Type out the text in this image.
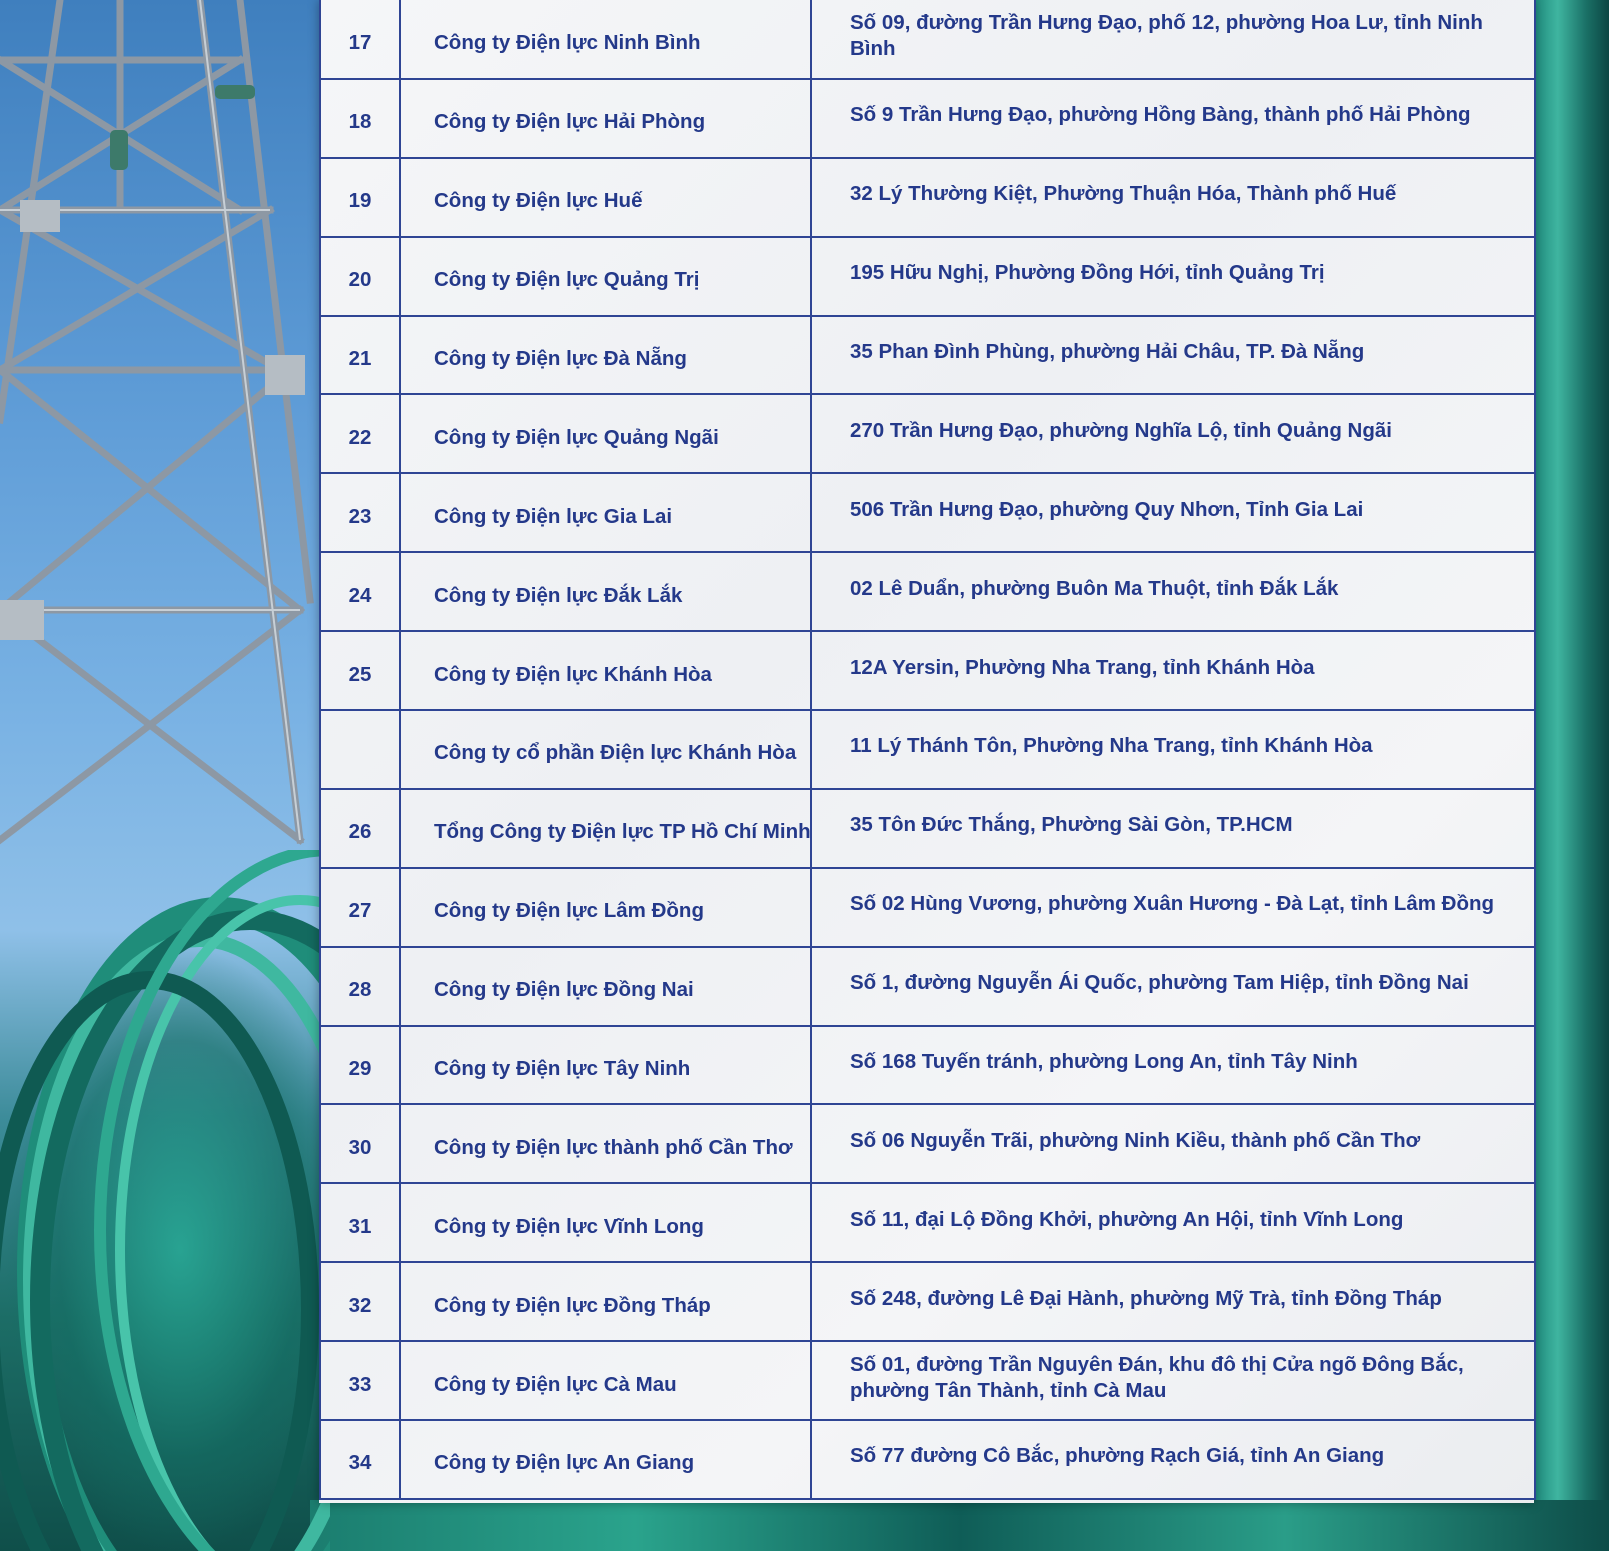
17	Công ty Điện lực Ninh Bình	Số 09, đường Trần Hưng Đạo, phố 12, phường Hoa Lư, tỉnh Ninh Bình
18	Công ty Điện lực Hải Phòng	Số 9 Trần Hưng Đạo, phường Hồng Bàng, thành phố Hải Phòng
19	Công ty Điện lực Huế	32 Lý Thường Kiệt, Phường Thuận Hóa, Thành phố Huế
20	Công ty Điện lực Quảng Trị	195 Hữu Nghị, Phường Đồng Hới, tỉnh Quảng Trị
21	Công ty Điện lực Đà Nẵng	35 Phan Đình Phùng, phường Hải Châu, TP. Đà Nẵng
22	Công ty Điện lực Quảng Ngãi	270 Trần Hưng Đạo, phường Nghĩa Lộ, tỉnh Quảng Ngãi
23	Công ty Điện lực Gia Lai	506 Trần Hưng Đạo, phường Quy Nhơn, Tỉnh Gia Lai
24	Công ty Điện lực Đắk Lắk	02 Lê Duẩn, phường Buôn Ma Thuột, tỉnh Đắk Lắk
25	Công ty Điện lực Khánh Hòa	12A Yersin, Phường Nha Trang, tỉnh Khánh Hòa
	Công ty cổ phần Điện lực Khánh Hòa	11 Lý Thánh Tôn, Phường Nha Trang, tỉnh Khánh Hòa
26	Tổng Công ty Điện lực TP Hồ Chí Minh	35 Tôn Đức Thắng, Phường Sài Gòn, TP.HCM
27	Công ty Điện lực Lâm Đồng	Số 02 Hùng Vương, phường Xuân Hương - Đà Lạt, tỉnh Lâm Đồng
28	Công ty Điện lực Đồng Nai	Số 1, đường Nguyễn Ái Quốc, phường Tam Hiệp, tỉnh Đồng Nai
29	Công ty Điện lực Tây Ninh	Số 168 Tuyến tránh, phường Long An, tỉnh Tây Ninh
30	Công ty Điện lực thành phố Cần Thơ	Số 06 Nguyễn Trãi, phường Ninh Kiều, thành phố Cần Thơ
31	Công ty Điện lực Vĩnh Long	Số 11, đại Lộ Đồng Khởi, phường An Hội, tỉnh Vĩnh Long
32	Công ty Điện lực Đồng Tháp	Số 248, đường Lê Đại Hành, phường Mỹ Trà, tỉnh Đồng Tháp
33	Công ty Điện lực Cà Mau	Số 01, đường Trần Nguyên Đán, khu đô thị Cửa ngõ Đông Bắc, phường Tân Thành, tỉnh Cà Mau
34	Công ty Điện lực An Giang	Số 77 đường Cô Bắc, phường Rạch Giá, tỉnh An Giang
